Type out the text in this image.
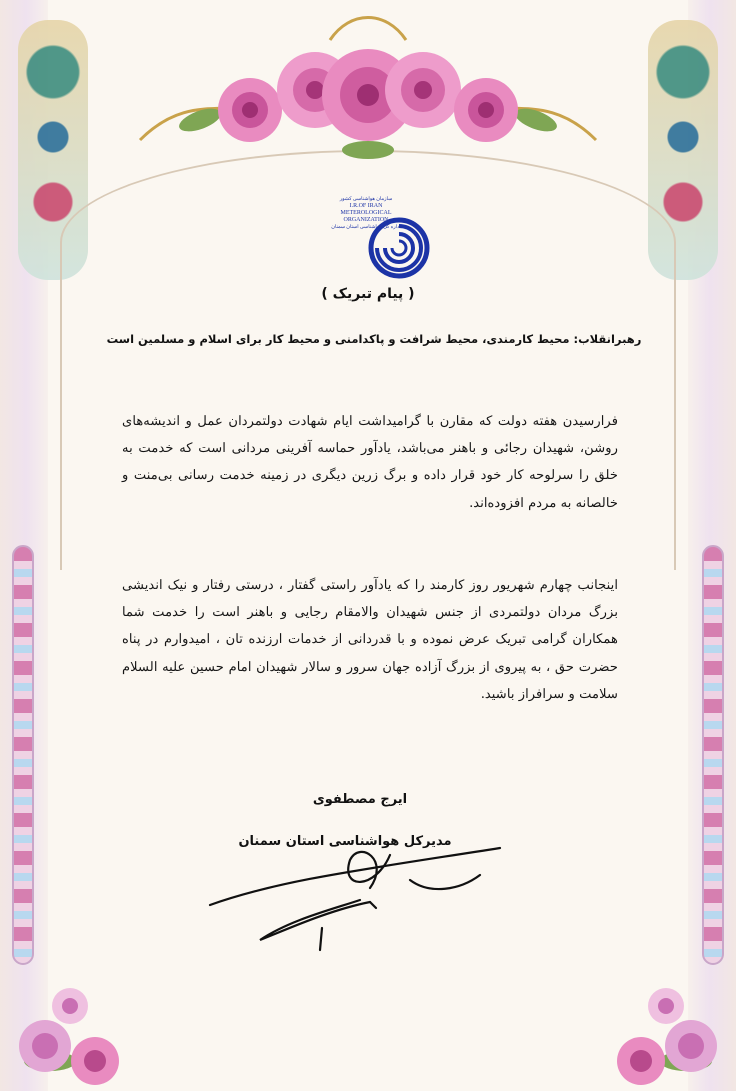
سازمان هواشناسی کشور
I.R.OF IRAN
METEROLOGICAL
ORGANIZATION
اداره کل هواشناسی استان سمنان
( پیام تبریک )
رهبرانقلاب: محیط کارمندی، محیط شرافت و پاکدامنی و محیط کار برای اسلام و مسلمین است
فرارسیدن هفته دولت که مقارن با گرامیداشت ایام شهادت دولتمردان عمل و اندیشه‌های روشن، شهیدان رجائی و باهنر می‌باشد، یادآور حماسه آفرینی مردانی است که خدمت به خلق را سرلوحه کار خود قرار داده و برگ زرین دیگری در زمینه خدمت رسانی بی‌منت و خالصانه به مردم افزوده‌اند.
اینجانب چهارم شهریور روز کارمند را که یادآور راستی گفتار ، درستی رفتار و نیک اندیشی بزرگ مردان دولتمردی از جنس شهیدان والامقام رجایی و باهنر است را خدمت شما همکاران گرامی تبریک عرض نموده و با قدردانی از خدمات ارزنده تان ، امیدوارم در پناه حضرت حق ، به پیروی از بزرگ آزاده جهان سرور و سالار شهیدان امام حسین علیه السلام سلامت و سرافراز باشید.
ایرج مصطفوی
مدیرکل هواشناسی استان سمنان
